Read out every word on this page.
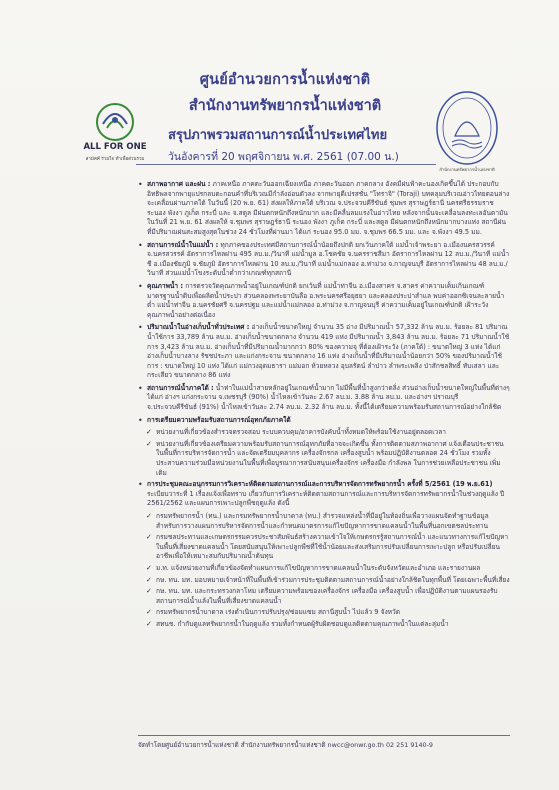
ALL FOR ONE
สามัคคี ร่วมใจ ทำเพื่อส่วนรวม
สำนักงานทรัพยากรน้ำแห่งชาติ
ศูนย์อำนวยการน้ำแห่งชาติ
สำนักงานทรัพยากรน้ำแห่งชาติ
สรุปภาพรวมสถานการณ์น้ำประเทศไทย
วันอังคารที่ 20 พฤศจิกายน พ.ศ. 2561 (07.00 น.)
• สภาพอากาศ และฝน : ภาคเหนือ ภาคตะวันออกเฉียงเหนือ ภาคตะวันออก ภาคกลาง อังคมีฝนฟ้าคะนองเกิดขึ้นได้ ประกอบกับอิทธิพลจากพายุแปรกลบตะกอนคำที่บริเวณมีกำลังอ่อนตัวลง จากพายุดีเปรสชั่น "โทราจิ" (Toraji) บทคลุมบริเวณอ่าวไทยตอนล่างจะเคลื่อนผ่านภาคใต้ ในวันนี้ (20 พ.ย. 61) ส่งผลให้ภาคใต้ บริเวณ จ.ประจวบคีรีขันธ์ ชุมพร สุราษฎร์ธานี นครศรีธรรมราช ระนอง พังงา ภูเก็ต กระบี่ และ จ.สตูล มีฝนตกหนักถึงหนักมาก และมีคลื่นลมแรงในอ่าวไทย หลังจากนั้นจะเคลื่อนลงทะเลอันดามัน ในวันที่ 21 พ.ย. 61 ส่งผลให้ จ.ชุมพร สุราษฎร์ธานี ระนอง พังงา ภูเก็ต กระบี่ และสตูล มีฝนตกหนักถึงหนักมากบางแห่ง สถานีฝนที่มีปริมาณฝนสะสมสูงสุดในช่วง 24 ชั่วโมงที่ผ่านมา ได้แก่ ระนอง 95.0 มม. จ.ชุมพร 66.5 มม. และ จ.พังงา 49.5 มม.
• สถานการณ์น้ำในแม่น้ำ : ทุกภาคของประเทศมีสถานการณ์น้ำน้อยถึงปกติ ยกเว้นภาคใต้ แม่น้ำเจ้าพระยา อ.เมืองนครสวรรค์ จ.นครสวรรค์ อัตราการไหลผ่าน 495 ลบ.ม./วินาที แม่น้ำมูล อ.โชคชัย จ.นครราชสีมา อัตราการไหลผ่าน 12 ลบ.ม./วินาที แม่น้ำชี อ.เมืองชัยภูมิ จ.ชัยภูมิ อัตราการไหลผ่าน 10 ลบ.ม./วินาที แม่น้ำแม่กลอง อ.ท่าม่วง จ.กาญจนบุรี อัตราการไหลผ่าน 48 ลบ.ม./วินาที ส่วนแม่น้ำโขงระดับน้ำต่ำกว่าเกณฑ์ทุกสถานี
• คุณภาพน้ำ : การตรวจวัดคุณภาพน้ำอยู่ในเกณฑ์ปกติ ยกเว้นที่ แม่น้ำท่าจีน อ.เมืองสาคร จ.สาคร ค่าความเค็มเกินเกณฑ์มาตรฐานน้ำดิบเพื่อผลิตน้ำประปา ส่วนคลองพระยาบันลือ อ.พระนครศรีอยุธยา และคลองประปาสำแล พบค่าออกซิเจนละลายน้ำต่ำ แม่น้ำท่าจีน อ.นครชัยศรี จ.นครปฐม และแม่น้ำแม่กลอง อ.ท่าม่วง จ.กาญจนบุรี ค่าความเค็มอยู่ในเกณฑ์ปกติ เฝ้าระวังคุณภาพน้ำอย่างต่อเนื่อง
• ปริมาณน้ำในอ่างเก็บน้ำทั่วประเทศ : อ่างเก็บน้ำขนาดใหญ่ จำนวน 35 อ่าง มีปริมาณน้ำ 57,332 ล้าน ลบ.ม. ร้อยละ 81 ปริมาณน้ำใช้การ 33,789 ล้าน ลบ.ม. อ่างเก็บน้ำขนาดกลาง จำนวน 419 แห่ง มีปริมาณน้ำ 3,843 ล้าน ลบ.ม. ร้อยละ 71 ปริมาณน้ำใช้การ 3,423 ล้าน ลบ.ม. อ่างเก็บน้ำที่มีปริมาณน้ำมากกว่า 80% ของความจุ ที่ต้องเฝ้าระวัง (ภาคใต้) : ขนาดใหญ่ 3 แห่ง ได้แก่ อ่างเก็บน้ำบางลาง รัชชประภา และแก่งกระจาน ขนาดกลาง 16 แห่ง อ่างเก็บน้ำที่มีปริมาณน้ำน้อยกว่า 50% ของปริมาณน้ำใช้การ : ขนาดใหญ่ 10 แห่ง ได้แก่ แม่กวงอุดมธารา แม่มอก ห้วยหลวง อุบลรัตน์ ลำปาว ลำพระเพลิง ป่าสักชลสิทธิ์ ทับเสลา และกระเสียว ขนาดกลาง 86 แห่ง
• สถานการณ์น้ำภาคใต้ : น้ำท่าในแม่น้ำสายหลักอยู่ในเกณฑ์น้ำมาก ไม่มีพื้นที่น้ำสูงกว่าตลิ่ง ส่วนอ่างเก็บน้ำขนาดใหญ่ในพื้นที่ต่างๆ ได้แก่ อ่างฯ แก่งกระจาน จ.เพชรบุรี (90%) น้ำไหลเข้าวันละ 2.67 ลบ.ม. 3.88 ล้าน ลบ.ม. และอ่างฯ ปราณบุรี จ.ประจวบคีรีขันธ์ (91%) น้ำไหลเข้าวันละ 2.74 ลบ.ม. 2.32 ล้าน ลบ.ม. ทั้งนี้ได้เตรียมความพร้อมรับสถานการณ์อย่างใกล้ชิด
• การเตรียมความพร้อมรับสถานการณ์อุทกภัยภาคใต้
✓ หน่วยงานที่เกี่ยวข้องสำรวจตรวจสอบ ระบบควบคุม/อาคารบังคับน้ำทั้งหมดให้พร้อมใช้งานอยู่ตลอดเวลา
✓ หน่วยงานที่เกี่ยวข้องเตรียมความพร้อมรับสถานการณ์อุทกภัยที่อาจจะเกิดขึ้น ทั้งการติดตามสภาพอากาศ แจ้งเตือนประชาชนในพื้นที่การบริหารจัดการน้ำ และจัดเตรียมบุคลากร เครื่องจักรกล เครื่องสูบน้ำ พร้อมปฏิบัติงานตลอด 24 ชั่วโมง รวมทั้งประสานความร่วมมือหน่วยงานในพื้นที่เพื่อบูรณาการสนับสนุนเครื่องจักร เครื่องมือ กำลังพล ในการช่วยเหลือประชาชน เพิ่มเติม
• การประชุมคณะอนุกรรมการวิเคราะห์ติดตามสถานการณ์และการบริหารจัดการทรัพยากรน้ำ ครั้งที่ 5/2561 (19 พ.ย.61) ระเบียบวาระที่ 1 เรื่องแจ้งเพื่อทราบ เกี่ยวกับการวิเคราะห์ติดตามสถานการณ์และการบริหารจัดการทรัพยากรน้ำในช่วงฤดูแล้ง ปี 2561/2562 และแผนการเพาะปลูกพืชฤดูแล้ง ดังนี้
✓ กรมทรัพยากรน้ำ (ทน.) และกรมทรัพยากรน้ำบาดาล (ทบ.) สำรวจแหล่งน้ำที่มีอยู่ในท้องถิ่นเพื่อวางแผนจัดทำฐานข้อมูล สำหรับการวางแผนการบริหารจัดการน้ำและกำหนดมาตรการแก้ไขปัญหาการขาดแคลนน้ำในพื้นที่นอกเขตชลประทาน
✓ กรมชลประทานและเกษตรกรรมควรประชาสัมพันธ์สร้างความเข้าใจให้เกษตรกรรู้สถานการณ์น้ำ และแนวทางการแก้ไขปัญหาในพื้นที่เสี่ยงขาดแคลนน้ำ โดยสนับสนุนให้เพาะปลูกพืชที่ใช้น้ำน้อยและส่งเสริมการปรับเปลี่ยนการเพาะปลูก หรือปรับเปลี่ยนอาชีพเพื่อให้เหมาะสมกับปริมาณน้ำต้นทุน
✓ ม.ท. แจ้งหน่วยงานที่เกี่ยวข้องจัดทำแผนการแก้ไขปัญหาการขาดแคลนน้ำในระดับจังหวัดและอำเภอ และรายงานผล
✓ กษ. ทน. มท. มอบหมายเจ้าหน้าที่ในพื้นที่เข้าร่วมการประชุมติดตามสถานการณ์น้ำอย่างใกล้ชิดในทุกพื้นที่ โดยเฉพาะพื้นที่เสี่ยง
✓ กษ. ทน. มท. และกระทรวงกลาโหม เตรียมความพร้อมของเครื่องจักร เครื่องมือ เครื่องสูบน้ำ เพื่อปฏิบัติงานตามแผนรองรับสถานการณ์น้ำแล้งในพื้นที่เสี่ยงขาดแคลนน้ำ
✓ กรมทรัพยากรน้ำบาดาล เร่งดำเนินการปรับปรุง/ซ่อมแซม สถานีสูบน้ำ ไปแล้ว 9 จังหวัด
✓ สทนช. กำกับดูแลทรัพยากรน้ำในฤดูแล้ง รวมทั้งกำหนดผู้รับผิดชอบดูแลติดตามคุณภาพน้ำในแต่ละลุ่มน้ำ
จัดทำโดยศูนย์อำนวยการน้ำแห่งชาติ สำนักงานทรัพยากรน้ำแห่งชาติ nwcc@onwr.go.th 02 251 9140-9
